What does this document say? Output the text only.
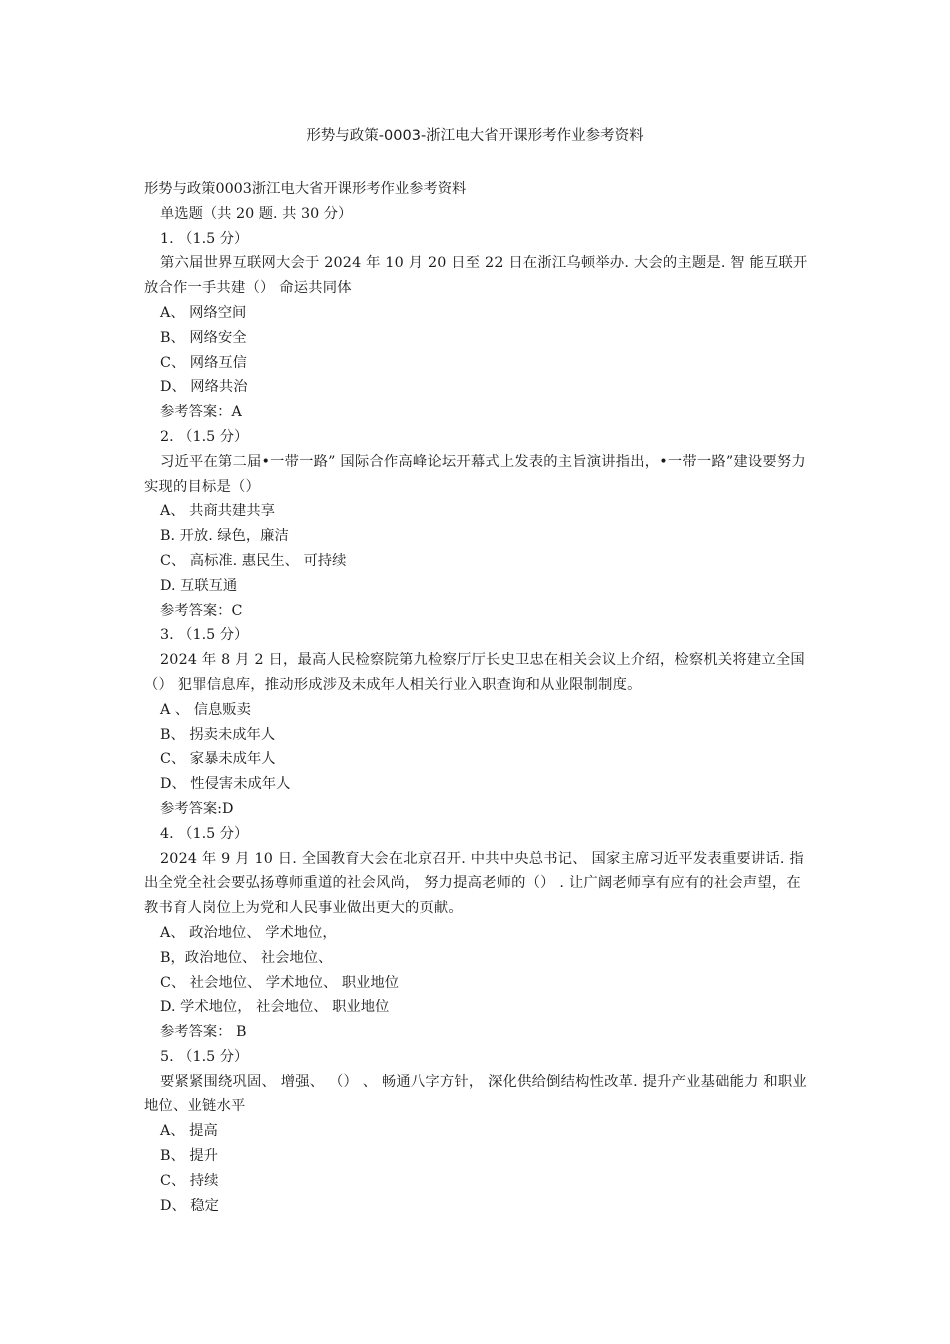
形势与政策-0003-浙江电大省开课形考作业参考资料
形势与政策0003浙江电大省开课形考作业参考资料
单选题（共 20 题. 共 30 分）
1. （1.5 分）
第六届世界互联网大会于 2024 年 10 月 20 日至 22 日在浙江乌顿举办. 大会的主题是. 智 能互联开放合作一手共建（） 命运共同体
A、 网络空间
B、 网络安全
C、 网络互信
D、 网络共治
参考答案：A
2. （1.5 分）
习近平在第二届•一带一路” 国际合作高峰论坛开幕式上发表的主旨演讲指出，•一带一路”建设要努力实现的目标是（）
A、 共商共建共享
B. 开放. 绿色，廉洁
C、 高标准. 惠民生、 可持续
D. 互联互通
参考答案：C
3. （1.5 分）
2024 年 8 月 2 日，最高人民检察院第九检察厅厅长史卫忠在相关会议上介绍，检察机关将建立全国（） 犯罪信息库，推动形成涉及未成年人相关行业入职查询和从业限制制度。
A 、 信息贩卖
B、 拐卖未成年人
C、 家暴未成年人
D、 性侵害未成年人
参考答案:D
4. （1.5 分）
2024 年 9 月 10 日. 全国教育大会在北京召开. 中共中央总书记、 国家主席习近平发表重要讲话. 指出全党全社会要弘扬尊师重道的社会风尚， 努力提高老师的（） . 让广阔老师享有应有的社会声望，在教书育人岗位上为党和人民事业做出更大的页献。
A、 政治地位、 学术地位，
B，政治地位、 社会地位、
C、 社会地位、 学术地位、 职业地位
D. 学术地位， 社会地位、 职业地位
参考答案： B
5. （1.5 分）
要紧紧围绕巩固、 增强、 （） 、 畅通八字方针， 深化供给倒结构性改革. 提升产业基础能力 和职业地位、业链水平
A、 提高
B、 提升
C、 持续
D、 稳定
